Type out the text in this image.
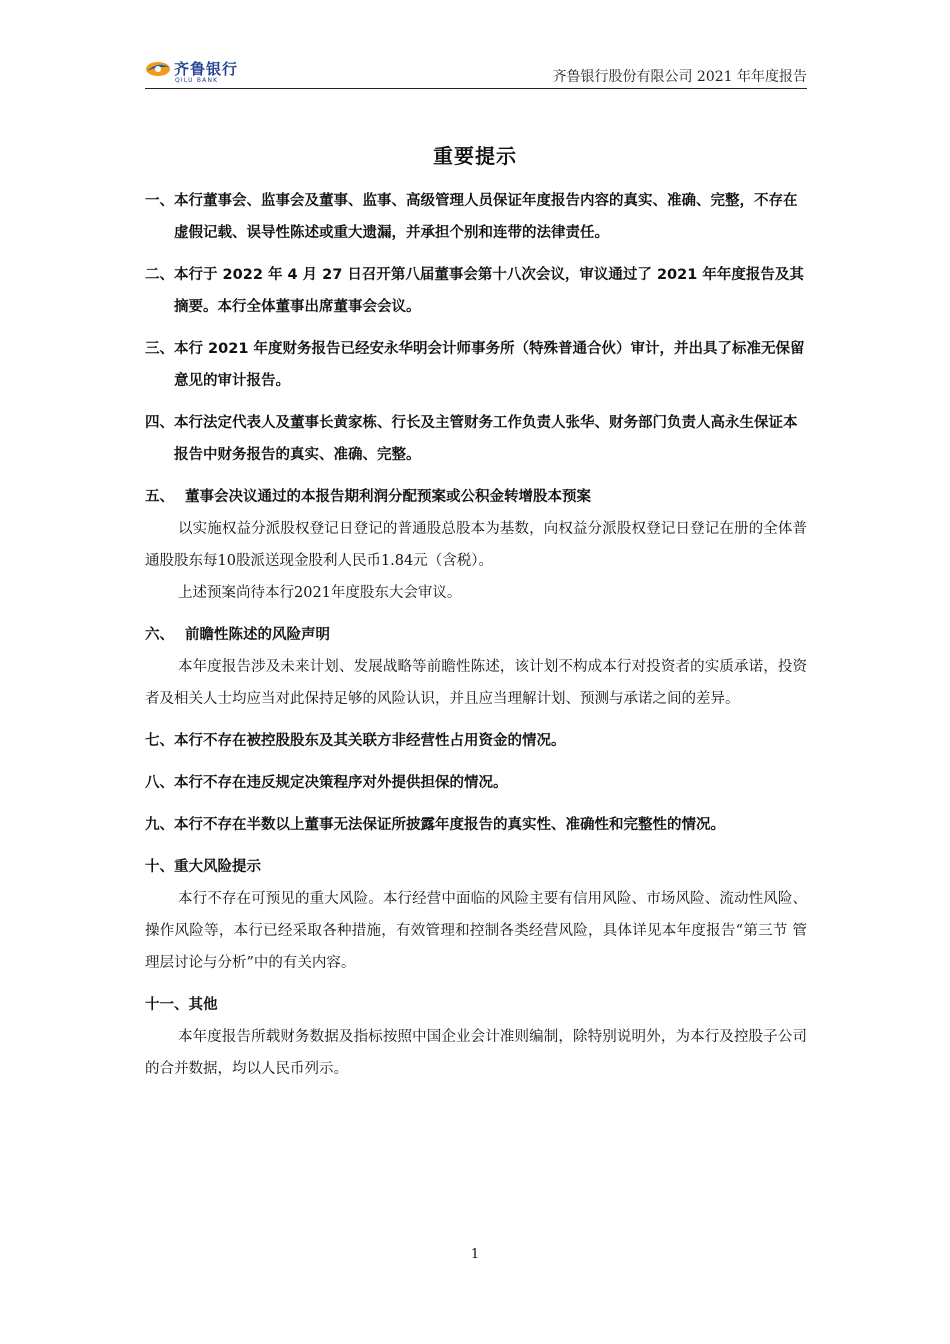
齐鲁银行
QILU BANK	齐鲁银行股份有限公司 2021 年年度报告
重要提示
一、本行董事会、监事会及董事、监事、高级管理人员保证年度报告内容的真实、准确、完整，不存在虚假记载、误导性陈述或重大遗漏，并承担个别和连带的法律责任。
二、本行于 2022 年 4 月 27 日召开第八届董事会第十八次会议，审议通过了 2021 年年度报告及其摘要。本行全体董事出席董事会会议。
三、本行 2021 年度财务报告已经安永华明会计师事务所（特殊普通合伙）审计，并出具了标准无保留意见的审计报告。
四、本行法定代表人及董事长黄家栋、行长及主管财务工作负责人张华、财务部门负责人高永生保证本报告中财务报告的真实、准确、完整。
五、 董事会决议通过的本报告期利润分配预案或公积金转增股本预案
以实施权益分派股权登记日登记的普通股总股本为基数，向权益分派股权登记日登记在册的全体普通股股东每10股派送现金股利人民币1.84元（含税）。
上述预案尚待本行2021年度股东大会审议。
六、 前瞻性陈述的风险声明
本年度报告涉及未来计划、发展战略等前瞻性陈述，该计划不构成本行对投资者的实质承诺，投资者及相关人士均应当对此保持足够的风险认识，并且应当理解计划、预测与承诺之间的差异。
七、本行不存在被控股股东及其关联方非经营性占用资金的情况。
八、本行不存在违反规定决策程序对外提供担保的情况。
九、本行不存在半数以上董事无法保证所披露年度报告的真实性、准确性和完整性的情况。
十、重大风险提示
本行不存在可预见的重大风险。本行经营中面临的风险主要有信用风险、市场风险、流动性风险、操作风险等，本行已经采取各种措施，有效管理和控制各类经营风险，具体详见本年度报告“第三节 管理层讨论与分析”中的有关内容。
十一、其他
本年度报告所载财务数据及指标按照中国企业会计准则编制，除特别说明外，为本行及控股子公司的合并数据，均以人民币列示。
1
